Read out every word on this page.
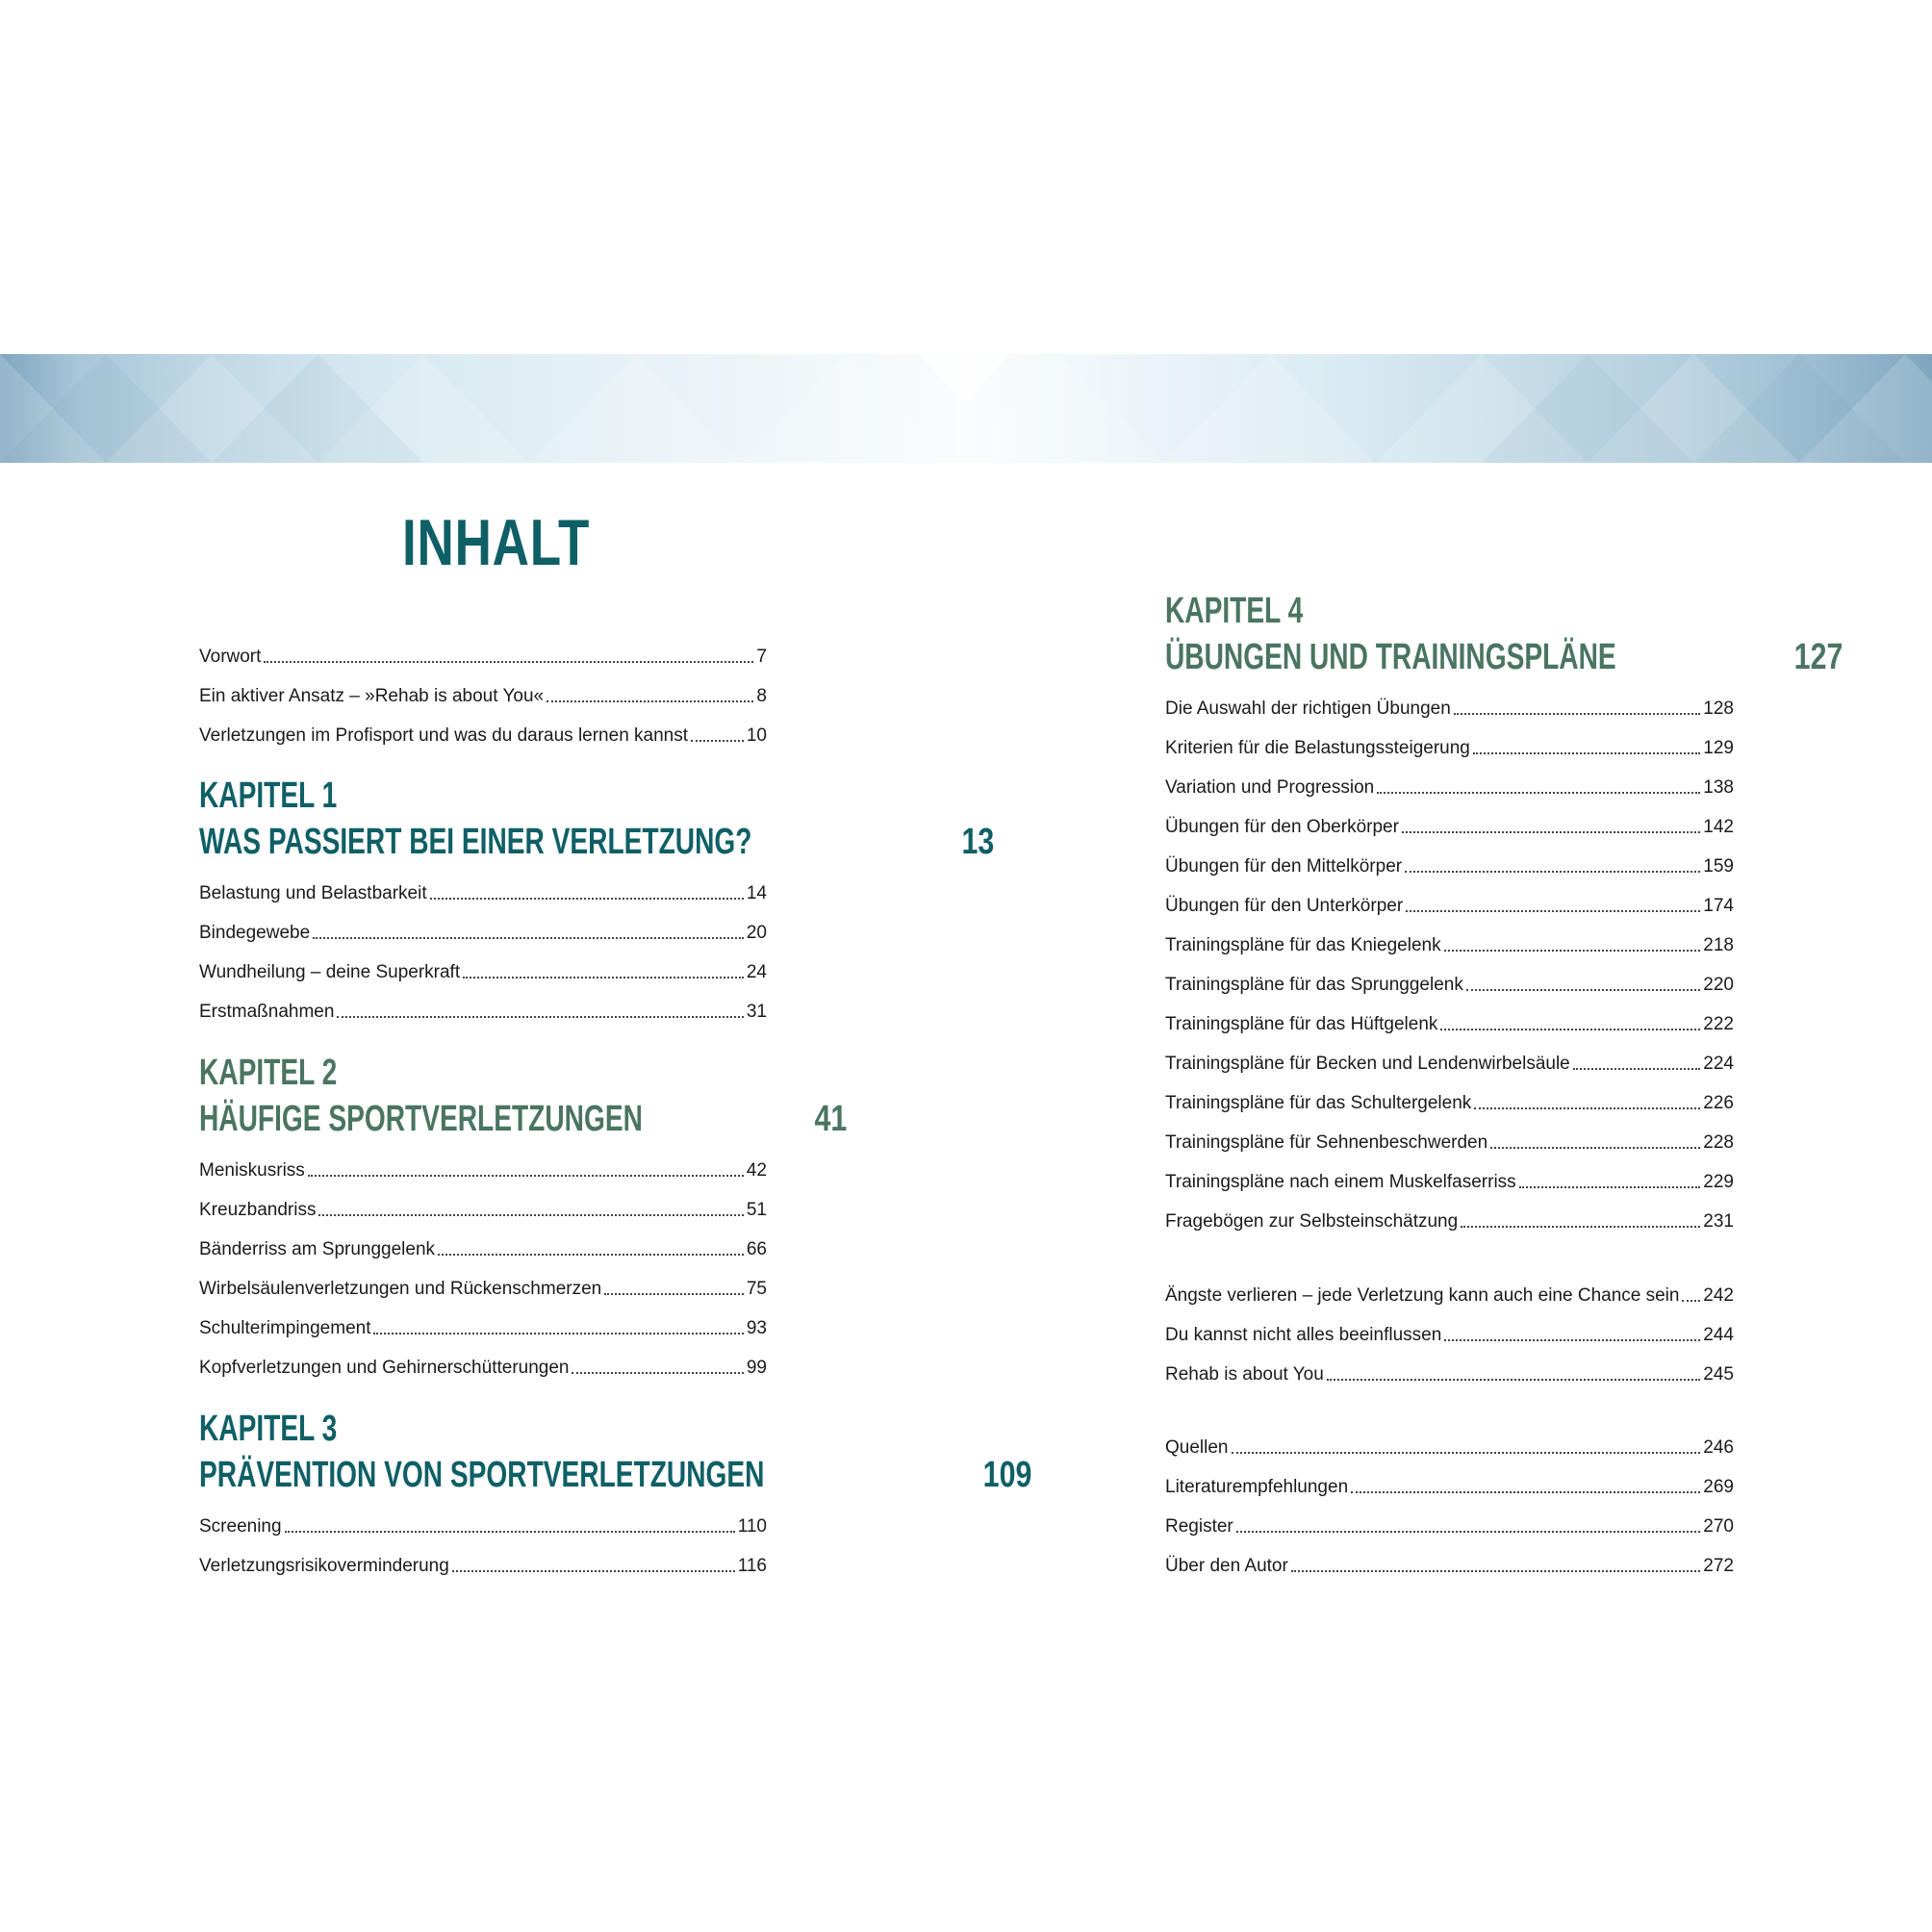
INHALT
Vorwort	7
Ein aktiver Ansatz – »Rehab is about You«	8
Verletzungen im Profisport und was du daraus lernen kannst	10
KAPITEL 1
WAS PASSIERT BEI EINER VERLETZUNG?	13
Belastung und Belastbarkeit	14
Bindegewebe	20
Wundheilung – deine Superkraft	24
Erstmaßnahmen	31
KAPITEL 2
HÄUFIGE SPORTVERLETZUNGEN	41
Meniskusriss	42
Kreuzbandriss	51
Bänderriss am Sprunggelenk	66
Wirbelsäulenverletzungen und Rückenschmerzen	75
Schulterimpingement	93
Kopfverletzungen und Gehirnerschütterungen	99
KAPITEL 3
PRÄVENTION VON SPORTVERLETZUNGEN	109
Screening	110
Verletzungsrisikoverminderung	116
KAPITEL 4
ÜBUNGEN UND TRAININGSPLÄNE	127
Die Auswahl der richtigen Übungen	128
Kriterien für die Belastungssteigerung	129
Variation und Progression	138
Übungen für den Oberkörper	142
Übungen für den Mittelkörper	159
Übungen für den Unterkörper	174
Trainingspläne für das Kniegelenk	218
Trainingspläne für das Sprunggelenk	220
Trainingspläne für das Hüftgelenk	222
Trainingspläne für Becken und Lendenwirbelsäule	224
Trainingspläne für das Schultergelenk	226
Trainingspläne für Sehnenbeschwerden	228
Trainingspläne nach einem Muskelfaserriss	229
Fragebögen zur Selbsteinschätzung	231
Ängste verlieren – jede Verletzung kann auch eine Chance sein 242
Du kannst nicht alles beeinflussen	244
Rehab is about You	245
Quellen	246
Literaturempfehlungen	269
Register	270
Über den Autor	272
